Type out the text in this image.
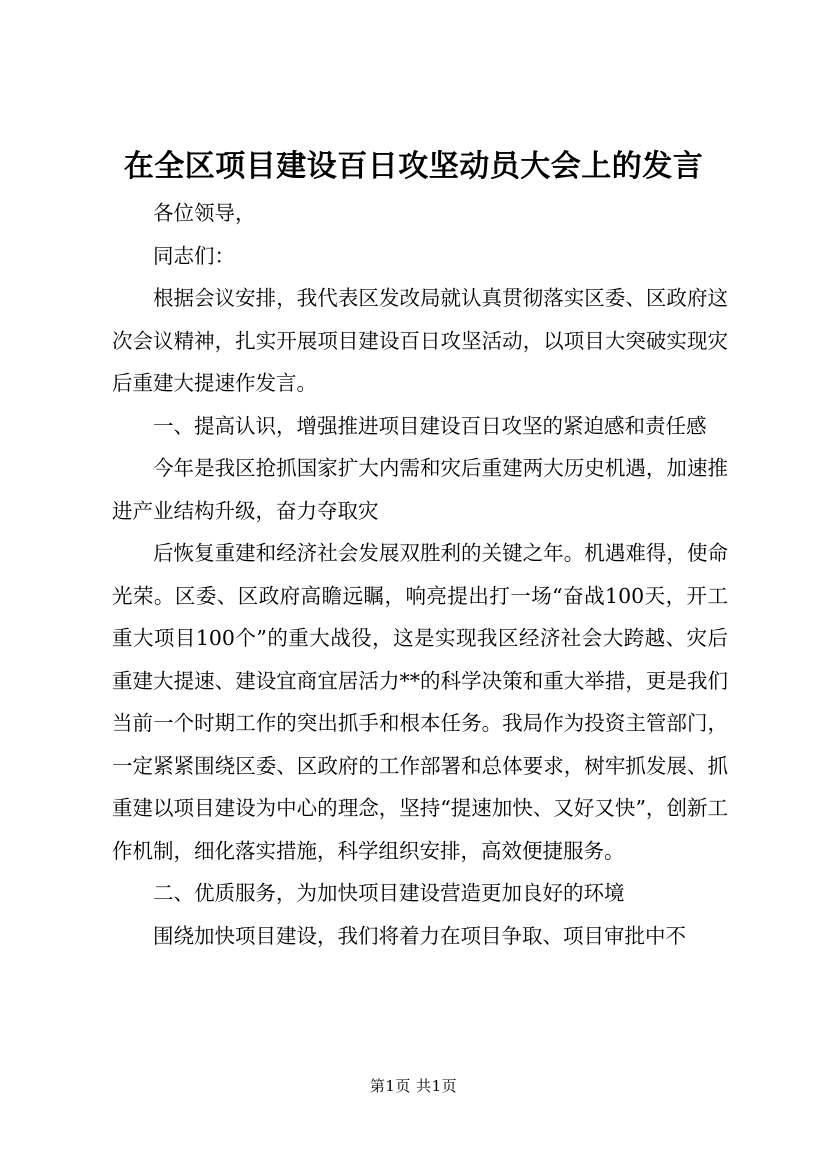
在全区项目建设百日攻坚动员大会上的发言

各位领导，

同志们：

根据会议安排，我代表区发改局就认真贯彻落实区委、区政府这次会议精神，扎实开展项目建设百日攻坚活动，以项目大突破实现灾后重建大提速作发言。

一、提高认识，增强推进项目建设百日攻坚的紧迫感和责任感

今年是我区抢抓国家扩大内需和灾后重建两大历史机遇，加速推进产业结构升级，奋力夺取灾

后恢复重建和经济社会发展双胜利的关键之年。机遇难得，使命光荣。区委、区政府高瞻远瞩，响亮提出打一场“奋战100天，开工重大项目100个”的重大战役，这是实现我区经济社会大跨越、灾后重建大提速、建设宜商宜居活力**的科学决策和重大举措，更是我们当前一个时期工作的突出抓手和根本任务。我局作为投资主管部门，一定紧紧围绕区委、区政府的工作部署和总体要求，树牢抓发展、抓重建以项目建设为中心的理念，坚持“提速加快、又好又快”，创新工作机制，细化落实措施，科学组织安排，高效便捷服务。

二、优质服务，为加快项目建设营造更加良好的环境

围绕加快项目建设，我们将着力在项目争取、项目审批中不

第1页 共1页
